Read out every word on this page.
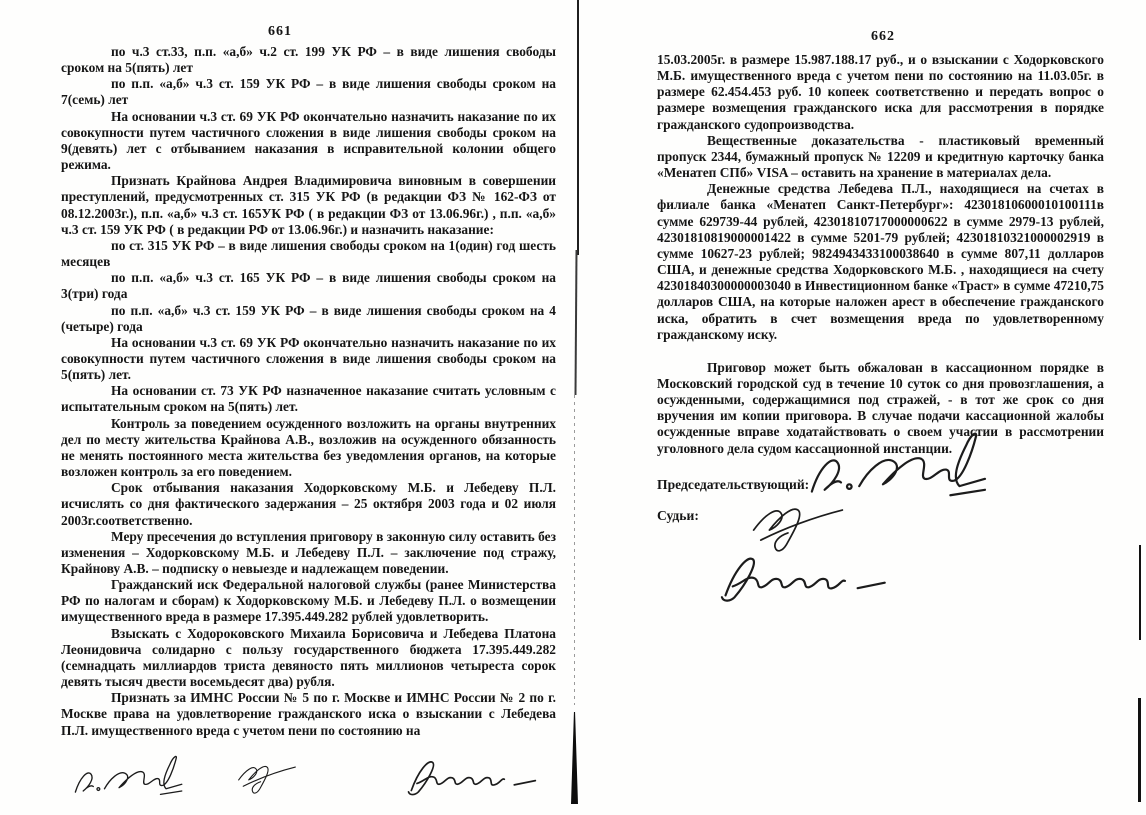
661

по ч.3 ст.33, п.п. «а,б» ч.2 ст. 199 УК РФ – в виде лишения свободы сроком на 5(пять) лет

по п.п. «а,б» ч.3 ст. 159 УК РФ – в виде лишения свободы сроком на 7(семь) лет

На основании ч.3 ст. 69 УК РФ окончательно назначить наказание по их совокупности путем частичного сложения в виде лишения свободы сроком на 9(девять) лет с отбыванием наказания в исправительной колонии общего режима.

Признать Крайнова Андрея Владимировича виновным в совершении преступлений, предусмотренных ст. 315 УК РФ (в редакции ФЗ № 162-ФЗ от 08.12.2003г.), п.п. «а,б» ч.3 ст. 165УК РФ ( в редакции ФЗ от 13.06.96г.) , п.п. «а,б» ч.3 ст. 159 УК РФ ( в редакции РФ от 13.06.96г.) и назначить наказание:

по ст. 315 УК РФ – в виде лишения свободы сроком на 1(один) год шесть месяцев

по п.п. «а,б» ч.3 ст. 165 УК РФ – в виде лишения свободы сроком на 3(три) года

по п.п. «а,б» ч.3 ст. 159 УК РФ – в виде лишения свободы сроком на 4 (четыре) года

На основании ч.3 ст. 69 УК РФ окончательно назначить наказание по их совокупности путем частичного сложения в виде лишения свободы сроком на 5(пять) лет.

На основании ст. 73 УК РФ назначенное наказание считать условным с испытательным сроком на 5(пять) лет.

Контроль за поведением осужденного возложить на органы внутренних дел по месту жительства Крайнова А.В., возложив на осужденного обязанность не менять постоянного места жительства без уведомления органов, на которые возложен контроль за его поведением.

Срок отбывания наказания Ходорковскому М.Б. и Лебедеву П.Л. исчислять со дня фактического задержания – 25 октября 2003 года и 02 июля 2003г.соответственно.

Меру пресечения до вступления приговору в законную силу оставить без изменения – Ходорковскому М.Б. и Лебедеву П.Л. – заключение под стражу, Крайнову А.В. – подписку о невыезде и надлежащем поведении.

Гражданский иск Федеральной налоговой службы (ранее Министерства РФ по налогам и сборам) к Ходорковскому М.Б. и Лебедеву П.Л. о возмещении имущественного вреда в размере 17.395.449.282 рублей удовлетворить.

Взыскать с Ходороковского Михаила Борисовича и Лебедева Платона Леонидовича солидарно с пользу государственного бюджета 17.395.449.282 (семнадцать миллиардов триста девяносто пять миллионов четыреста сорок девять тысяч двести восемьдесят два) рубля.

Признать за ИМНС России № 5 по г. Москве и ИМНС России № 2 по г. Москве права на удовлетворение гражданского иска о взыскании с Лебедева П.Л. имущественного вреда с учетом пени по состоянию на

662

15.03.2005г. в размере 15.987.188.17 руб., и о взыскании с Ходорковского М.Б. имущественного вреда с учетом пени по состоянию на 11.03.05г. в размере 62.454.453 руб. 10 копеек соответственно и передать вопрос о размере возмещения гражданского иска для рассмотрения в порядке гражданского судопроизводства.

Вещественные доказательства - пластиковый временный пропуск 2344, бумажный пропуск № 12209 и кредитную карточку банка «Менатеп СПб» VISA – оставить на хранение в материалах дела.

Денежные средства Лебедева П.Л., находящиеся на счетах в филиале банка «Менатеп Санкт-Петербург»: 42301810600010100111в сумме 629739-44 рублей, 42301810717000000622 в сумме 2979-13 рублей, 42301810819000001422 в сумме 5201-79 рублей; 42301810321000002919 в сумме 10627-23 рублей; 9824943433100038640 в сумме 807,11 долларов США, и денежные средства Ходорковского М.Б. , находящиеся на счету 42301840300000003040 в Инвестиционном банке «Траст» в сумме 47210,75 долларов США, на которые наложен арест в обеспечение гражданского иска, обратить в счет возмещения вреда по удовлетворенному гражданскому иску.

Приговор может быть обжалован в кассационном порядке в Московский городской суд в течение 10 суток со дня провозглашения, а осужденными, содержащимися под стражей, - в тот же срок со дня вручения им копии приговора. В случае подачи кассационной жалобы осужденные вправе ходатайствовать о своем участии в рассмотрении уголовного дела судом кассационной инстанции.

Председательствующий:
Судьи:
